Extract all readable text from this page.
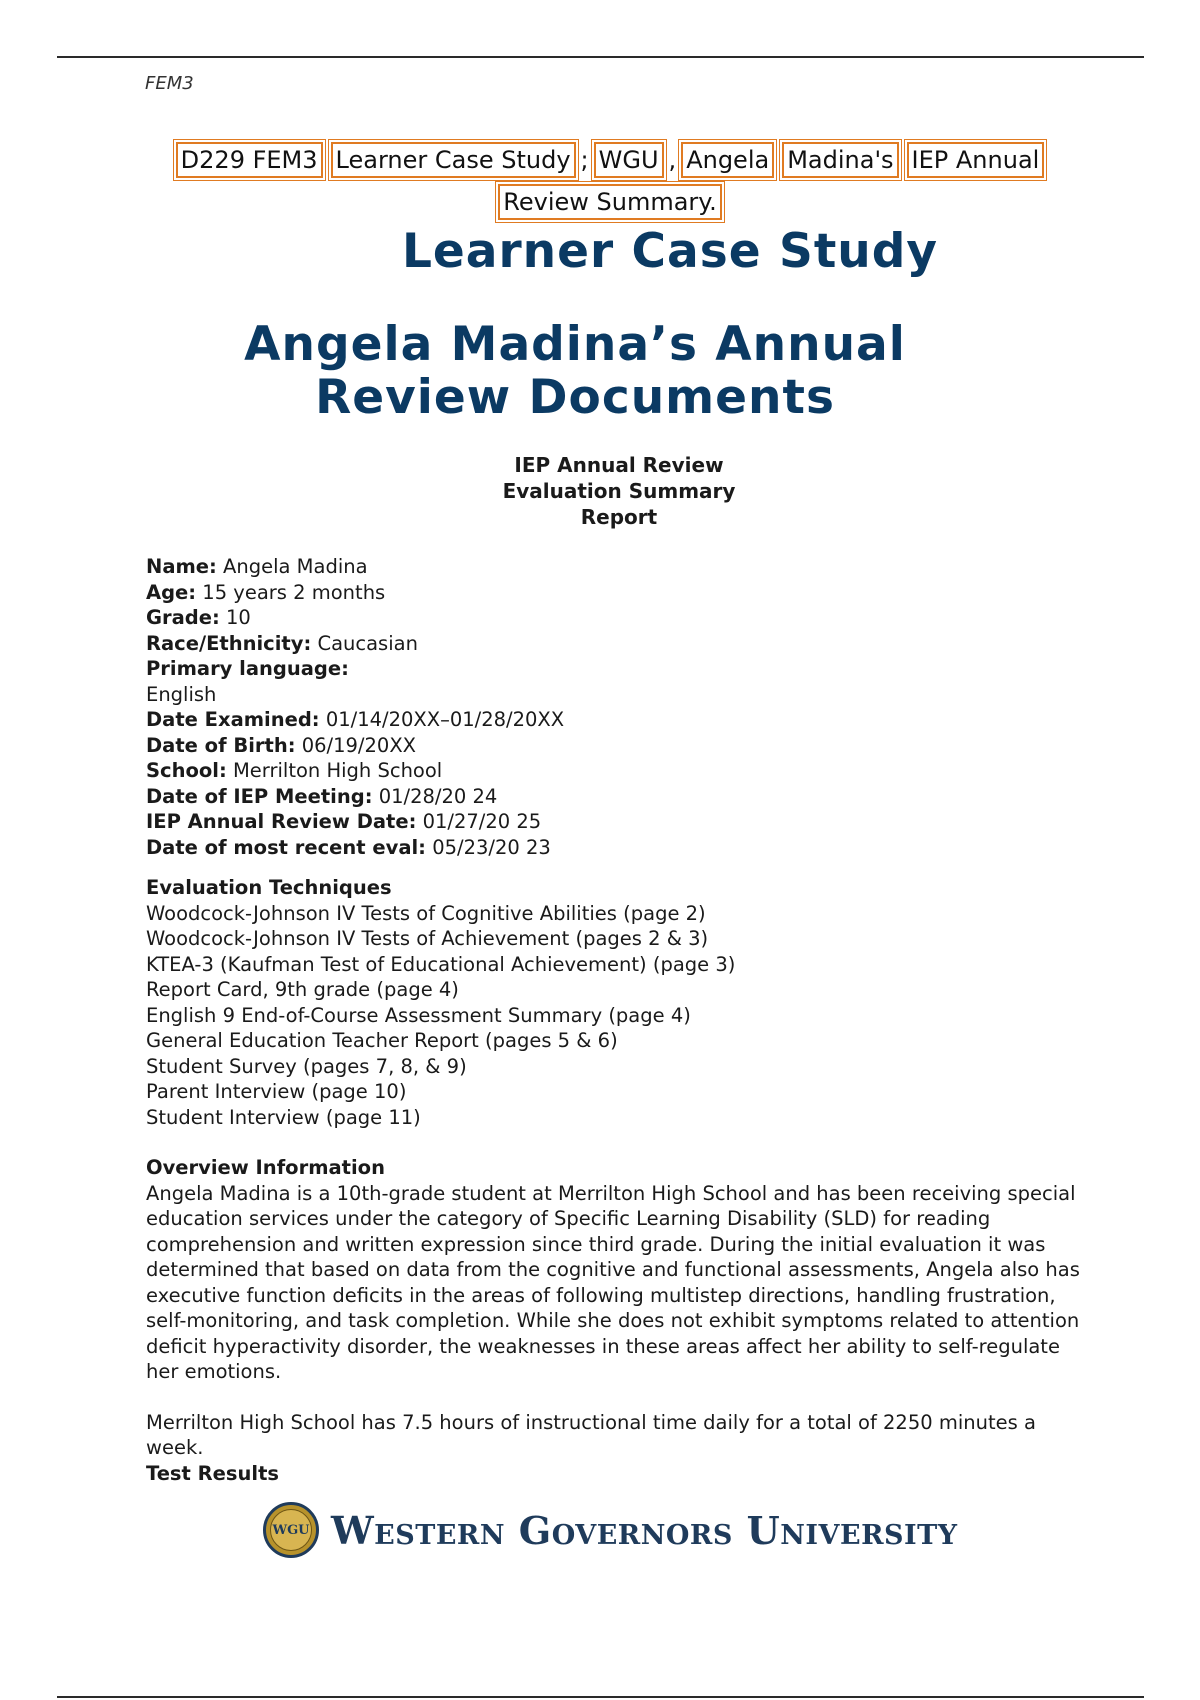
FEM3
D229 FEM3 Learner Case Study ; WGU , Angela Madina's IEP AnnualReview Summary.
Learner Case Study
Angela Madina’s Annual
Review Documents
IEP Annual Review
Evaluation Summary
Report

Name: Angela Madina

Age: 15 years 2 months

Grade: 10

Race/Ethnicity: Caucasian

Primary language:

English

Date Examined: 01/14/20XX–01/28/20XX

Date of Birth: 06/19/20XX

School: Merrilton High School

Date of IEP Meeting: 01/28/20 24

IEP Annual Review Date: 01/27/20 25

Date of most recent eval: 05/23/20 23

Evaluation Techniques

Woodcock-Johnson IV Tests of Cognitive Abilities (page 2)

Woodcock-Johnson IV Tests of Achievement (pages 2 & 3)

KTEA-3 (Kaufman Test of Educational Achievement) (page 3)

Report Card, 9th grade (page 4)

English 9 End-of-Course Assessment Summary (page 4)

General Education Teacher Report (pages 5 & 6)

Student Survey (pages 7, 8, & 9)

Parent Interview (page 10)

Student Interview (page 11)

Overview Information

Angela Madina is a 10th-grade student at Merrilton High School and has been receiving special education services under the category of Specific Learning Disability (SLD) for reading comprehension and written expression since third grade. During the initial evaluation it was determined that based on data from the cognitive and functional assessments, Angela also has executive function deficits in the areas of following multistep directions, handling frustration, self-monitoring, and task completion. While she does not exhibit symptoms related to attention deficit hyperactivity disorder, the weaknesses in these areas affect her ability to self-regulate her emotions.

Merrilton High School has 7.5 hours of instructional time daily for a total of 2250 minutes a week.

Test Results

WGU Western Governors University
